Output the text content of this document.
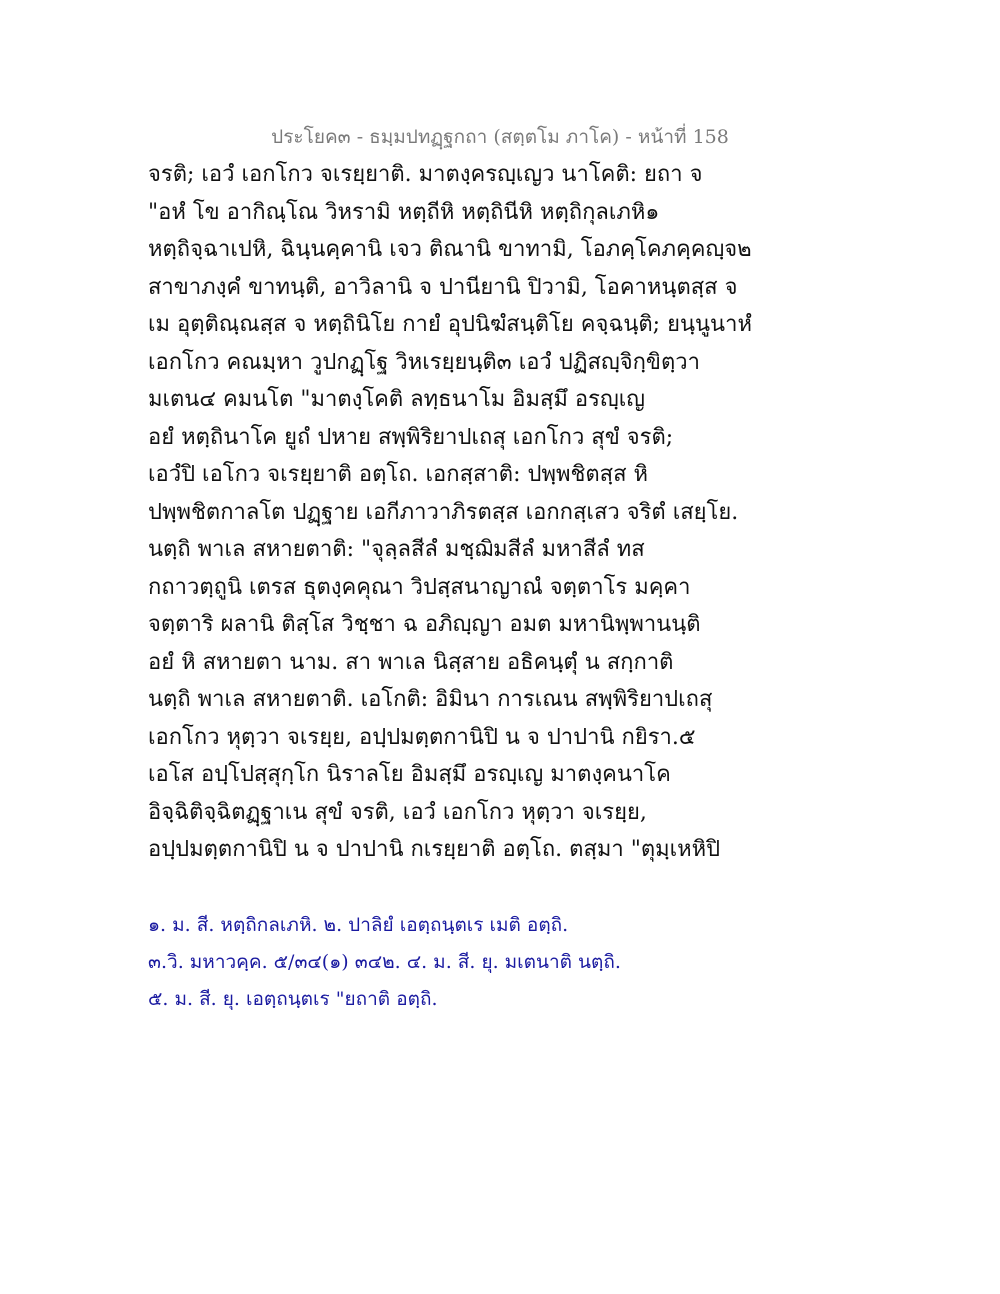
ประโยค๓ - ธมฺมปทฏฺฐกถา (สตฺตโม ภาโค) - หน้าที่ 158
จรติ; เอวํ เอกโกว จเรยฺยาติ. มาตงฺครญฺเญว นาโคติ: ยถา จ
"อหํ โข อากิณฺโณ วิหรามิ หตฺถีหิ หตฺถินีหิ หตฺถิกุลเภหิ๑
หตฺถิจฺฉาเปหิ, ฉินฺนคฺคานิ เจว ติณานิ ขาทามิ, โอภคฺโคภคฺคญฺจ๒
สาขาภงฺคํ ขาทนฺติ, อาวิลานิ จ ปานียานิ ปิวามิ, โอคาหนฺตสฺส จ
เม อุตฺติณฺณสฺส จ หตฺถินิโย กายํ อุปนิฆํสนฺติโย คจฺฉนฺติ; ยนฺนูนาหํ
เอกโกว คณมฺหา วูปกฏฺโฐ วิหเรยฺยนฺติ๓ เอวํ ปฏิสญฺจิกฺขิตฺวา
มเตน๔ คมนโต "มาตงฺโคติ ลทฺธนาโม อิมสฺมึ อรญฺเญ
อยํ หตฺถินาโค ยูถํ ปหาย สพฺพิริยาปเถสุ เอกโกว สุขํ จรติ;
เอวํปิ เอโกว จเรยฺยาติ อตฺโถ. เอกสฺสาติ: ปพฺพชิตสฺส หิ
ปพฺพชิตกาลโต ปฏฺฐาย เอกีภาวาภิรตสฺส เอกกสฺเสว จริตํ เสยฺโย.
นตฺถิ พาเล สหายตาติ: "จุลฺลสีลํ มชฺฌิมสีลํ มหาสีลํ ทส
กถาวตฺถูนิ เตรส ธุตงฺคคุณา วิปสฺสนาญาณํ จตฺตาโร มคฺคา
จตฺตาริ ผลานิ ติสฺโส วิชฺชา ฉ อภิญฺญา อมต มหานิพฺพานนฺติ
อยํ หิ สหายตา นาม. สา พาเล นิสฺสาย อธิคนฺตุํ น สกฺกาติ
นตฺถิ พาเล สหายตาติ. เอโกติ: อิมินา การเณน สพฺพิริยาปเถสุ
เอกโกว หุตฺวา จเรยฺย, อปฺปมตฺตกานิปิ น จ ปาปานิ กยิรา.๕
เอโส อปฺโปสฺสุกฺโก นิราลโย อิมสฺมึ อรญฺเญ มาตงฺคนาโค
อิจฺฉิติจฺฉิตฏฺฐาเน สุขํ จรติ, เอวํ เอกโกว หุตฺวา จเรยฺย,
อปฺปมตฺตกานิปิ น จ ปาปานิ กเรยฺยาติ อตฺโถ. ตสฺมา "ตุมฺเหหิปิ
๑. ม. สี. หตฺถิกลเภหิ. ๒. ปาลิยํ เอตฺถนฺตเร เมติ อตฺถิ.
๓.วิ. มหาวคฺค. ๕/๓๔(๑) ๓๔๒. ๔. ม. สี. ยุ. มเตนาติ นตฺถิ.
๕. ม. สี. ยุ. เอตฺถนฺตเร "ยถาติ อตฺถิ.
